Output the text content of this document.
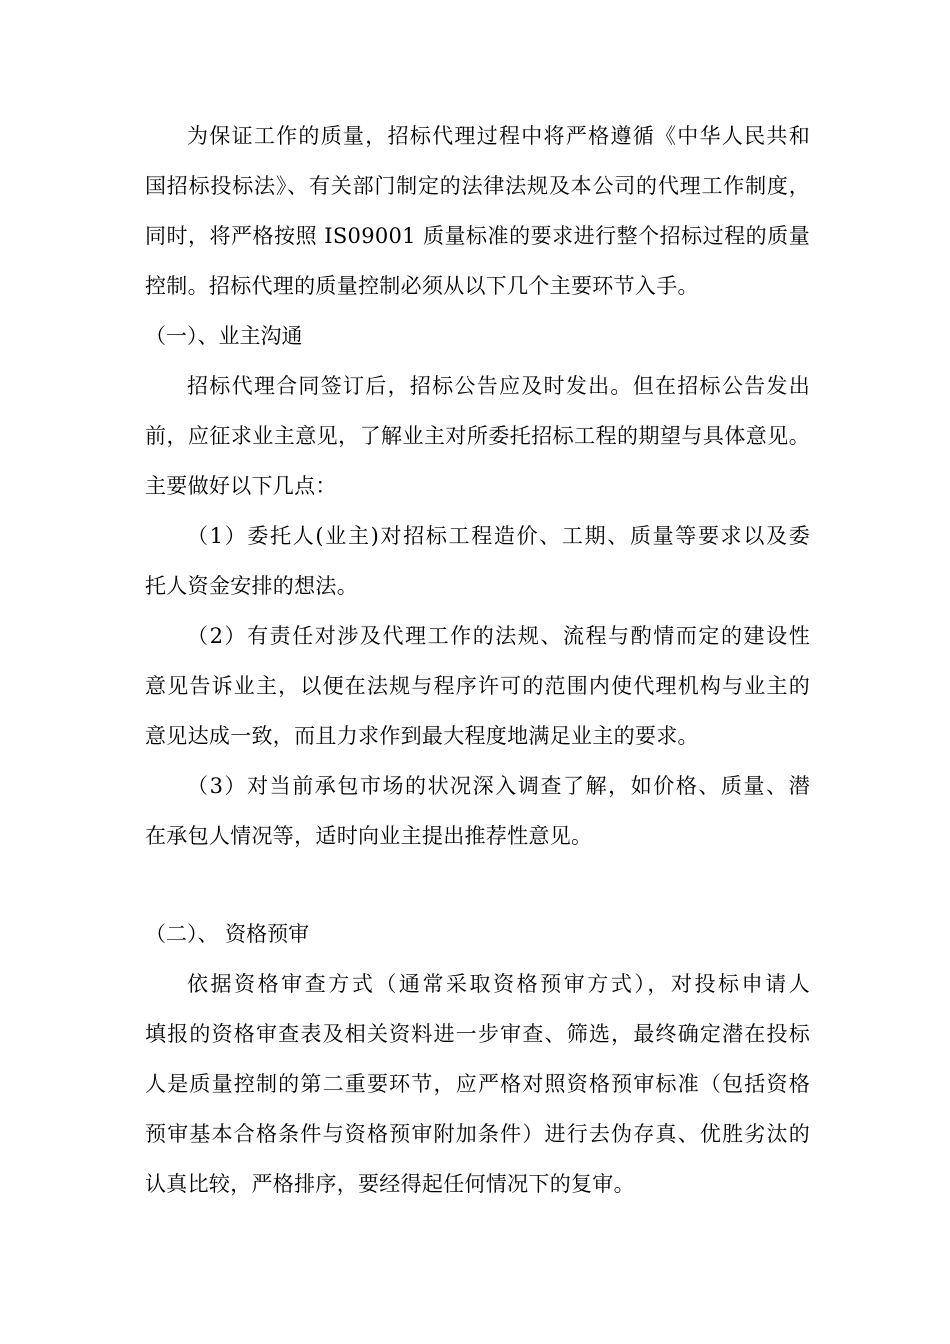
为保证工作的质量，招标代理过程中将严格遵循《中华人民共和
国招标投标法》、有关部门制定的法律法规及本公司的代理工作制度，
同时，将严格按照 IS09001 质量标准的要求进行整个招标过程的质量
控制。招标代理的质量控制必须从以下几个主要环节入手。
（一）、业主沟通
招标代理合同签订后，招标公告应及时发出。但在招标公告发出
前，应征求业主意见，了解业主对所委托招标工程的期望与具体意见。
主要做好以下几点：
（1）委托人(业主)对招标工程造价、工期、质量等要求以及委
托人资金安排的想法。
（2）有责任对涉及代理工作的法规、流程与酌情而定的建设性
意见告诉业主，以便在法规与程序许可的范围内使代理机构与业主的
意见达成一致，而且力求作到最大程度地满足业主的要求。
（3）对当前承包市场的状况深入调查了解，如价格、质量、潜
在承包人情况等，适时向业主提出推荐性意见。
（二）、 资格预审
依据资格审查方式（通常采取资格预审方式），对投标申请人
填报的资格审查表及相关资料进一步审查、筛选，最终确定潜在投标
人是质量控制的第二重要环节，应严格对照资格预审标准（包括资格
预审基本合格条件与资格预审附加条件）进行去伪存真、优胜劣汰的
认真比较，严格排序，要经得起任何情况下的复审。
